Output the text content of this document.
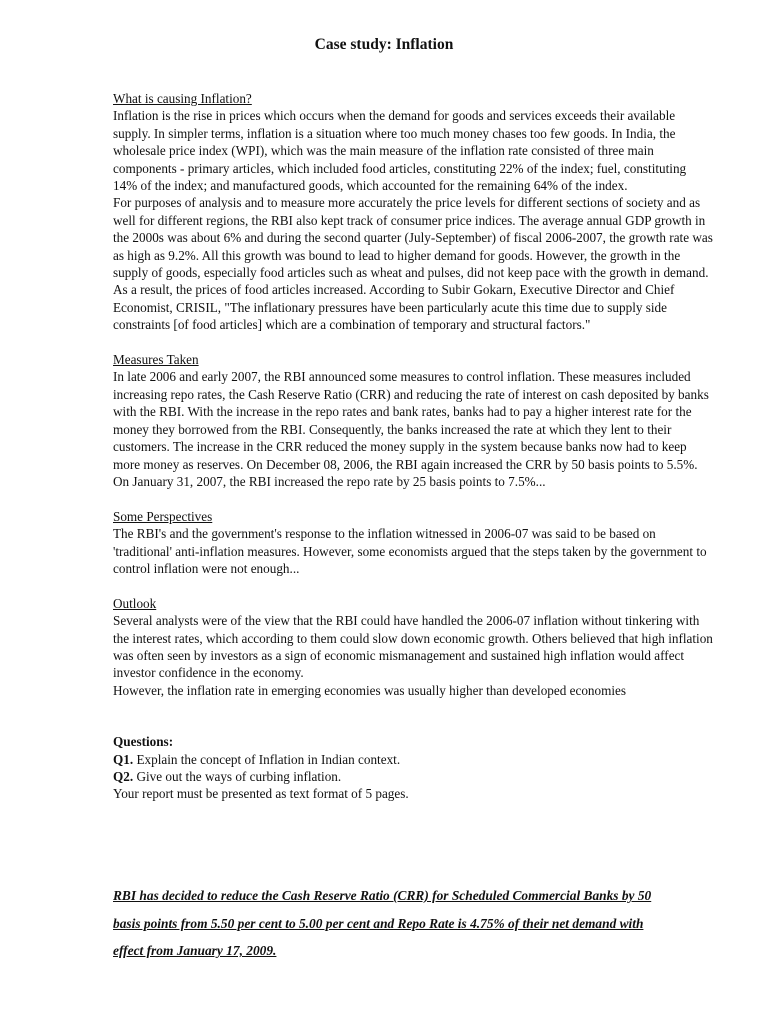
Case study: Inflation
What is causing Inflation?

Inflation is the rise in prices which occurs when the demand for goods and services exceeds their available supply. In simpler terms, inflation is a situation where too much money chases too few goods. In India, the wholesale price index (WPI), which was the main measure of the inflation rate consisted of three main components - primary articles, which included food articles, constituting 22% of the index; fuel, constituting 14% of the index; and manufactured goods, which accounted for the remaining 64% of the index.

For purposes of analysis and to measure more accurately the price levels for different sections of society and as well for different regions, the RBI also kept track of consumer price indices. The average annual GDP growth in the 2000s was about 6% and during the second quarter (July-September) of fiscal 2006-2007, the growth rate was as high as 9.2%. All this growth was bound to lead to higher demand for goods. However, the growth in the supply of goods, especially food articles such as wheat and pulses, did not keep pace with the growth in demand. As a result, the prices of food articles increased. According to Subir Gokarn, Executive Director and Chief Economist, CRISIL, "The inflationary pressures have been particularly acute this time due to supply side constraints [of food articles] which are a combination of temporary and structural factors."

Measures Taken

In late 2006 and early 2007, the RBI announced some measures to control inflation. These measures included increasing repo rates, the Cash Reserve Ratio (CRR) and reducing the rate of interest on cash deposited by banks with the RBI. With the increase in the repo rates and bank rates, banks had to pay a higher interest rate for the money they borrowed from the RBI. Consequently, the banks increased the rate at which they lent to their customers. The increase in the CRR reduced the money supply in the system because banks now had to keep more money as reserves. On December 08, 2006, the RBI again increased the CRR by 50 basis points to 5.5%. On January 31, 2007, the RBI increased the repo rate by 25 basis points to 7.5%...

Some Perspectives

The RBI's and the government's response to the inflation witnessed in 2006-07 was said to be based on 'traditional' anti-inflation measures. However, some economists argued that the steps taken by the government to control inflation were not enough...

Outlook

Several analysts were of the view that the RBI could have handled the 2006-07 inflation without tinkering with the interest rates, which according to them could slow down economic growth. Others believed that high inflation was often seen by investors as a sign of economic mismanagement and sustained high inflation would affect investor confidence in the economy.

However, the inflation rate in emerging economies was usually higher than developed economies

Questions:
Q1. Explain the concept of Inflation in Indian context.
Q2. Give out the ways of curbing inflation.
Your report must be presented as text format of 5 pages.
RBI has decided to reduce the Cash Reserve Ratio (CRR) for Scheduled Commercial Banks by 50
basis points from 5.50 per cent to 5.00 per cent and Repo Rate is 4.75% of their net demand with
effect from January 17, 2009.
